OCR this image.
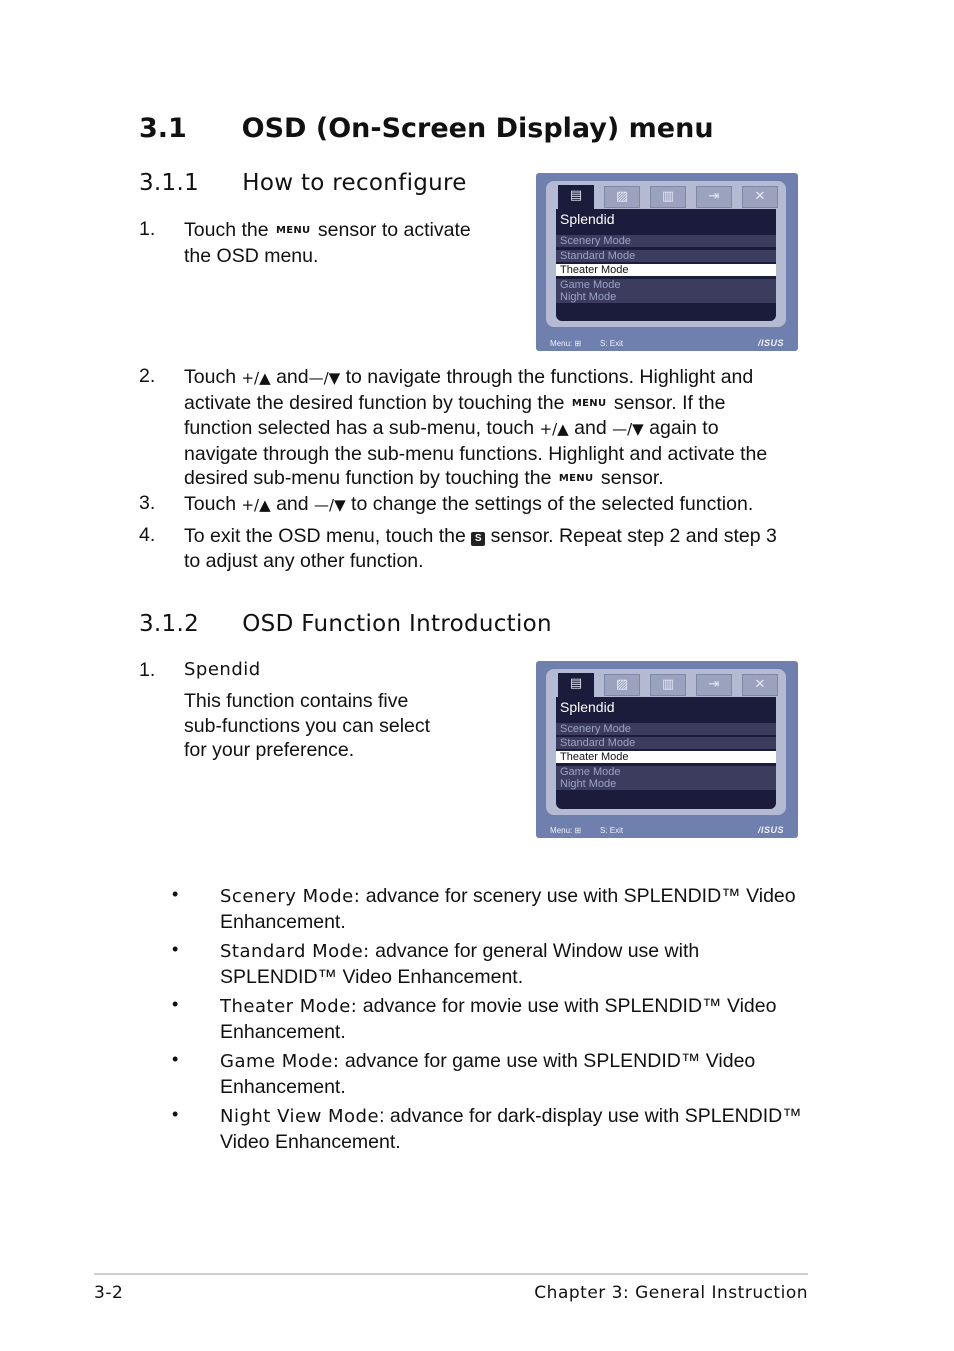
3.1 OSD (On-Screen Display) menu
3.1.1 How to reconfigure
1. Touch the MENU sensor to activate
the OSD menu.
▤	▨	▥	⇥	✕
Splendid
Scenery Mode
Standard Mode
Theater Mode
Game Mode
Night Mode
Menu: ⊞ S: Exit	/ISUS
2. Touch +/▲ and—/▼ to navigate through the functions. Highlight and
activate the desired function by touching the MENU sensor. If the
function selected has a sub-menu, touch +/▲ and —/▼ again to
navigate through the sub-menu functions. Highlight and activate the
desired sub-menu function by touching the MENU sensor.
3. Touch +/▲ and —/▼ to change the settings of the selected function.
4. To exit the OSD menu, touch the S sensor. Repeat step 2 and step 3
to adjust any other function.
3.1.2 OSD Function Introduction
1. Spendid
This function contains five
sub-functions you can select
for your preference.
▤	▨	▥	⇥	✕
Splendid
Scenery Mode
Standard Mode
Theater Mode
Game Mode
Night Mode
Menu: ⊞ S: Exit	/ISUS
• Scenery Mode: advance for scenery use with SPLENDID™ Video
Enhancement.
• Standard Mode: advance for general Window use with
SPLENDID™ Video Enhancement.
• Theater Mode: advance for movie use with SPLENDID™ Video
Enhancement.
• Game Mode: advance for game use with SPLENDID™ Video
Enhancement.
• Night View Mode: advance for dark-display use with SPLENDID™
Video Enhancement.
3-2	Chapter 3: General Instruction
